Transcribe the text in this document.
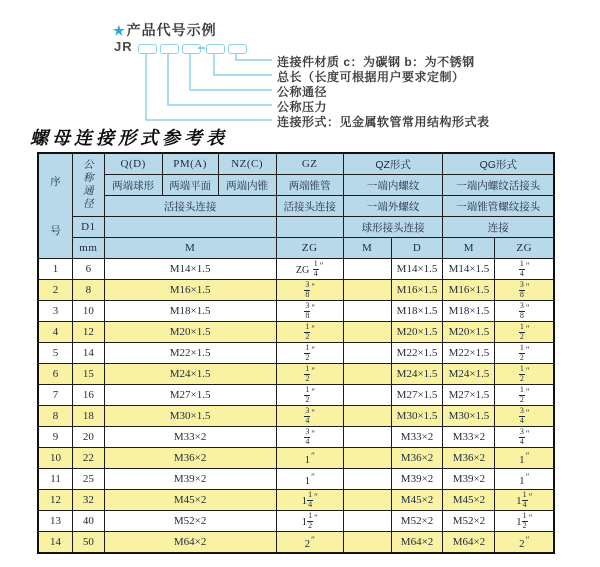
★产品代号示例
JR
连接件材质 c：为碳钢 b：为不锈钢
总长（长度可根据用户要求定制）
公称通径
公称压力
连接形式：见金属软管常用结构形式表
螺母连接形式参考表
序
号	公
称
通
径	Q(D)	PM(A)	NZ(C)	GZ	QZ形式		QG形式	
		两端球形	两端平面	两端内锥	两端锥管	一端内螺纹		一端内螺纹活接头	
		活接头连接			活接头连接	一端外螺纹		一端锥管螺纹接头	
	D1					球形接头连接		连接	
	mm	M			ZG	M	D	M	ZG
1	6	M14×1.5			ZG $\frac{1}{4} ''$		M14×1.5	M14×1.5	$\frac{1}{4} ''$
2	8	M16×1.5			$\frac{3}{8} ''$		M16×1.5	M16×1.5	$\frac{3}{8} ''$
3	10	M18×1.5			$\frac{3}{8} ''$		M18×1.5	M18×1.5	$\frac{3}{8} ''$
4	12	M20×1.5			$\frac{1}{2} ''$		M20×1.5	M20×1.5	$\frac{1}{2} ''$
5	14	M22×1.5			$\frac{1}{2} ''$		M22×1.5	M22×1.5	$\frac{1}{2} ''$
6	15	M24×1.5			$\frac{1}{2} ''$		M24×1.5	M24×1.5	$\frac{1}{2} ''$
7	16	M27×1.5			$\frac{1}{2} ''$		M27×1.5	M27×1.5	$\frac{1}{2} ''$
8	18	M30×1.5			$\frac{3}{4} ''$		M30×1.5	M30×1.5	$\frac{3}{4} ''$
9	20	M33×2			$\frac{3}{4} ''$		M33×2	M33×2	$\frac{3}{4} ''$
10	22	M36×2			1″		M36×2	M36×2	1″
11	25	M39×2			1″		M39×2	M39×2	1″
12	32	M45×2			$1 \frac{1}{4} ''$		M45×2	M45×2	$1 \frac{1}{4} ''$
13	40	M52×2			$1 \frac{1}{2} ''$		M52×2	M52×2	$1 \frac{1}{2} ''$
14	50	M64×2			2″		M64×2	M64×2	2″
